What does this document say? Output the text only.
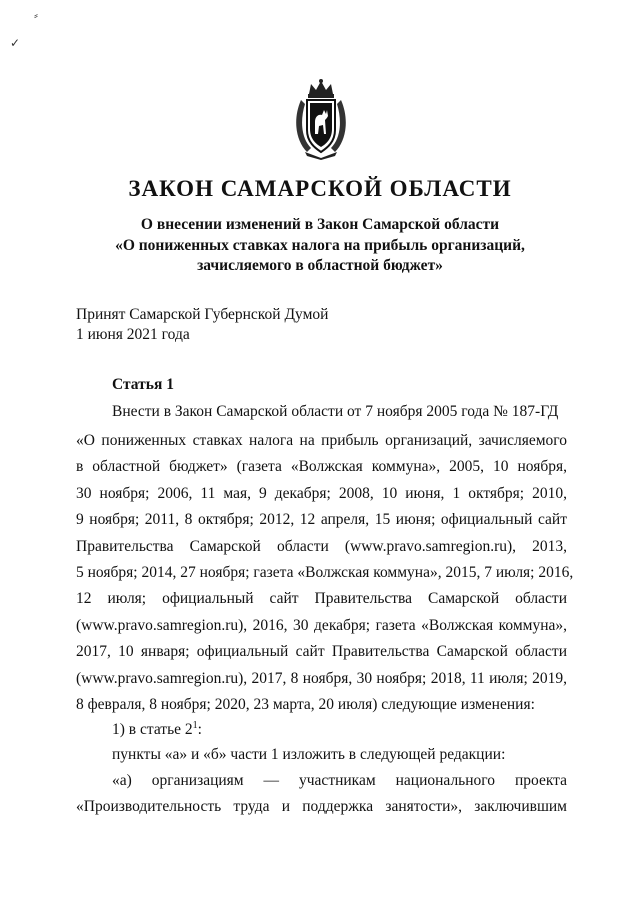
⸗
✓
ЗАКОН САМАРСКОЙ ОБЛАСТИ
О внесении изменений в Закон Самарской области
«О пониженных ставках налога на прибыль организаций,
зачисляемого в областной бюджет»
Принят Самарской Губернской Думой
1 июня 2021 года
Статья 1
Внести в Закон Самарской области от 7 ноября 2005 года № 187-ГД
«О пониженных ставках налога на прибыль организаций, зачисляемого
в областной бюджет» (газета «Волжская коммуна», 2005, 10 ноября,
30 ноября; 2006, 11 мая, 9 декабря; 2008, 10 июня, 1 октября; 2010,
9 ноября; 2011, 8 октября; 2012, 12 апреля, 15 июня; официальный сайт
Правительства Самарской области (www.pravo.samregion.ru), 2013,
5 ноября; 2014, 27 ноября; газета «Волжская коммуна», 2015, 7 июля; 2016,
12 июля; официальный сайт Правительства Самарской области
(www.pravo.samregion.ru), 2016, 30 декабря; газета «Волжская коммуна»,
2017, 10 января; официальный сайт Правительства Самарской области
(www.pravo.samregion.ru), 2017, 8 ноября, 30 ноября; 2018, 11 июля; 2019,
8 февраля, 8 ноября; 2020, 23 марта, 20 июля) следующие изменения:
1) в статье $2^1$:
пункты «а» и «б» части 1 изложить в следующей редакции:
«а) организациям — участникам национального проекта
«Производительность труда и поддержка занятости», заключившим
